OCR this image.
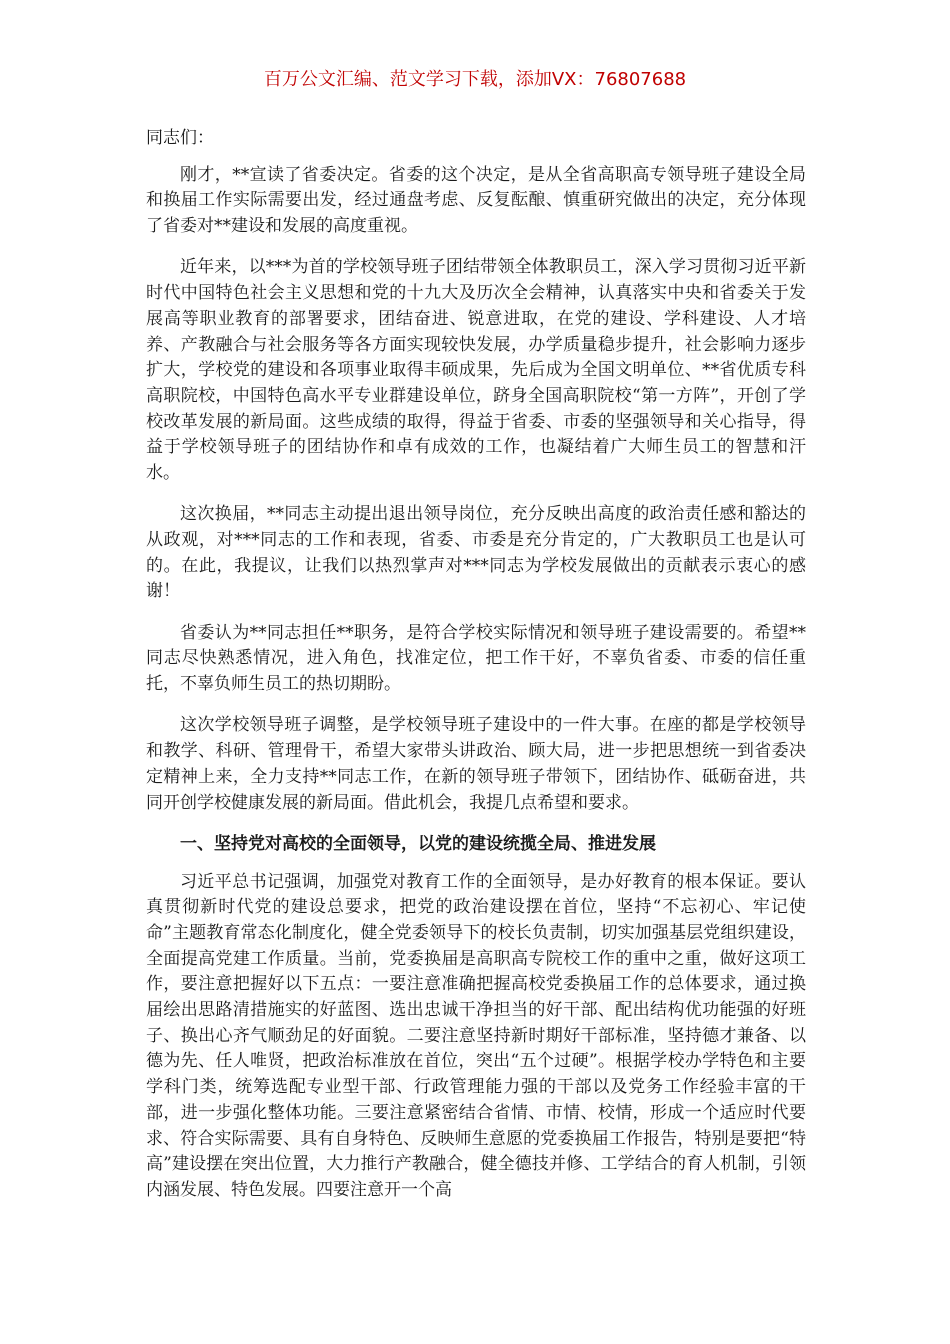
百万公文汇编、范文学习下载，添加VX：76807688

同志们：

刚才，**宣读了省委决定。省委的这个决定，是从全省高职高专领导班子建设全局和换届工作实际需要出发，经过通盘考虑、反复酝酿、慎重研究做出的决定，充分体现了省委对**建设和发展的高度重视。

近年来，以***为首的学校领导班子团结带领全体教职员工，深入学习贯彻习近平新时代中国特色社会主义思想和党的十九大及历次全会精神，认真落实中央和省委关于发展高等职业教育的部署要求，团结奋进、锐意进取，在党的建设、学科建设、人才培养、产教融合与社会服务等各方面实现较快发展，办学质量稳步提升，社会影响力逐步扩大，学校党的建设和各项事业取得丰硕成果，先后成为全国文明单位、**省优质专科高职院校，中国特色高水平专业群建设单位，跻身全国高职院校“第一方阵”，开创了学校改革发展的新局面。这些成绩的取得，得益于省委、市委的坚强领导和关心指导，得益于学校领导班子的团结协作和卓有成效的工作，也凝结着广大师生员工的智慧和汗水。

这次换届，**同志主动提出退出领导岗位，充分反映出高度的政治责任感和豁达的从政观，对***同志的工作和表现，省委、市委是充分肯定的，广大教职员工也是认可的。在此，我提议，让我们以热烈掌声对***同志为学校发展做出的贡献表示衷心的感谢！

省委认为**同志担任**职务，是符合学校实际情况和领导班子建设需要的。希望**同志尽快熟悉情况，进入角色，找准定位，把工作干好，不辜负省委、市委的信任重托，不辜负师生员工的热切期盼。

这次学校领导班子调整，是学校领导班子建设中的一件大事。在座的都是学校领导和教学、科研、管理骨干，希望大家带头讲政治、顾大局，进一步把思想统一到省委决定精神上来，全力支持**同志工作，在新的领导班子带领下，团结协作、砥砺奋进，共同开创学校健康发展的新局面。借此机会，我提几点希望和要求。

一、坚持党对高校的全面领导，以党的建设统揽全局、推进发展

习近平总书记强调，加强党对教育工作的全面领导，是办好教育的根本保证。要认真贯彻新时代党的建设总要求，把党的政治建设摆在首位，坚持“不忘初心、牢记使命”主题教育常态化制度化，健全党委领导下的校长负责制，切实加强基层党组织建设，全面提高党建工作质量。当前，党委换届是高职高专院校工作的重中之重，做好这项工作，要注意把握好以下五点：一要注意准确把握高校党委换届工作的总体要求，通过换届绘出思路清措施实的好蓝图、选出忠诚干净担当的好干部、配出结构优功能强的好班子、换出心齐气顺劲足的好面貌。二要注意坚持新时期好干部标准，坚持德才兼备、以德为先、任人唯贤，把政治标准放在首位，突出“五个过硬”。根据学校办学特色和主要学科门类，统筹选配专业型干部、行政管理能力强的干部以及党务工作经验丰富的干部，进一步强化整体功能。三要注意紧密结合省情、市情、校情，形成一个适应时代要求、符合实际需要、具有自身特色、反映师生意愿的党委换届工作报告，特别是要把“特高”建设摆在突出位置，大力推行产教融合，健全德技并修、工学结合的育人机制，引领内涵发展、特色发展。四要注意开一个高
